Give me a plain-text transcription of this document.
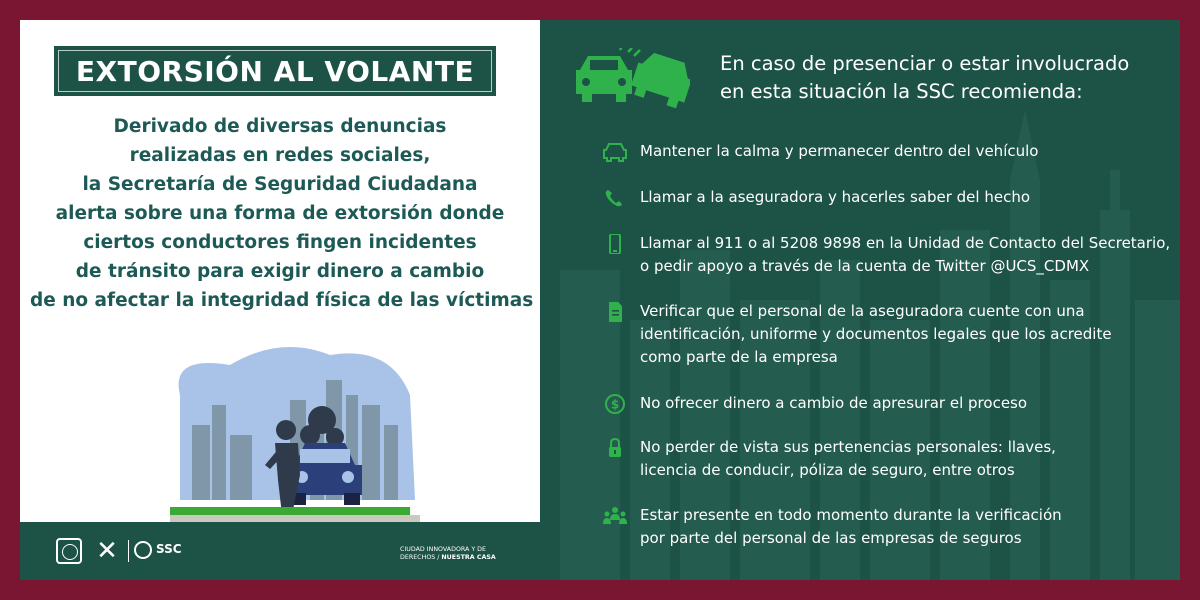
EXTORSIÓN AL VOLANTE
Derivado de diversas denuncias
realizadas en redes sociales,
la Secretaría de Seguridad Ciudadana
alerta sobre una forma de extorsión donde
ciertos conductores fingen incidentes
de tránsito para exigir dinero a cambio
de no afectar la integridad física de las víctimas
✕	SSC	CIUDAD INNOVADORA Y DE
DERECHOS / NUESTRA CASA
En caso de presenciar o estar involucrado
en esta situación la SSC recomienda:
Mantener la calma y permanecer dentro del vehículo
Llamar a la aseguradora y hacerles saber del hecho
Llamar al 911 o al 5208 9898 en la Unidad de Contacto del Secretario,
o pedir apoyo a través de la cuenta de Twitter @UCS_CDMX
Verificar que el personal de la aseguradora cuente con una
identificación, uniforme y documentos legales que los acredite
como parte de la empresa
$ No ofrecer dinero a cambio de apresurar el proceso
No perder de vista sus pertenencias personales: llaves,
licencia de conducir, póliza de seguro, entre otros
Estar presente en todo momento durante la verificación
por parte del personal de las empresas de seguros
